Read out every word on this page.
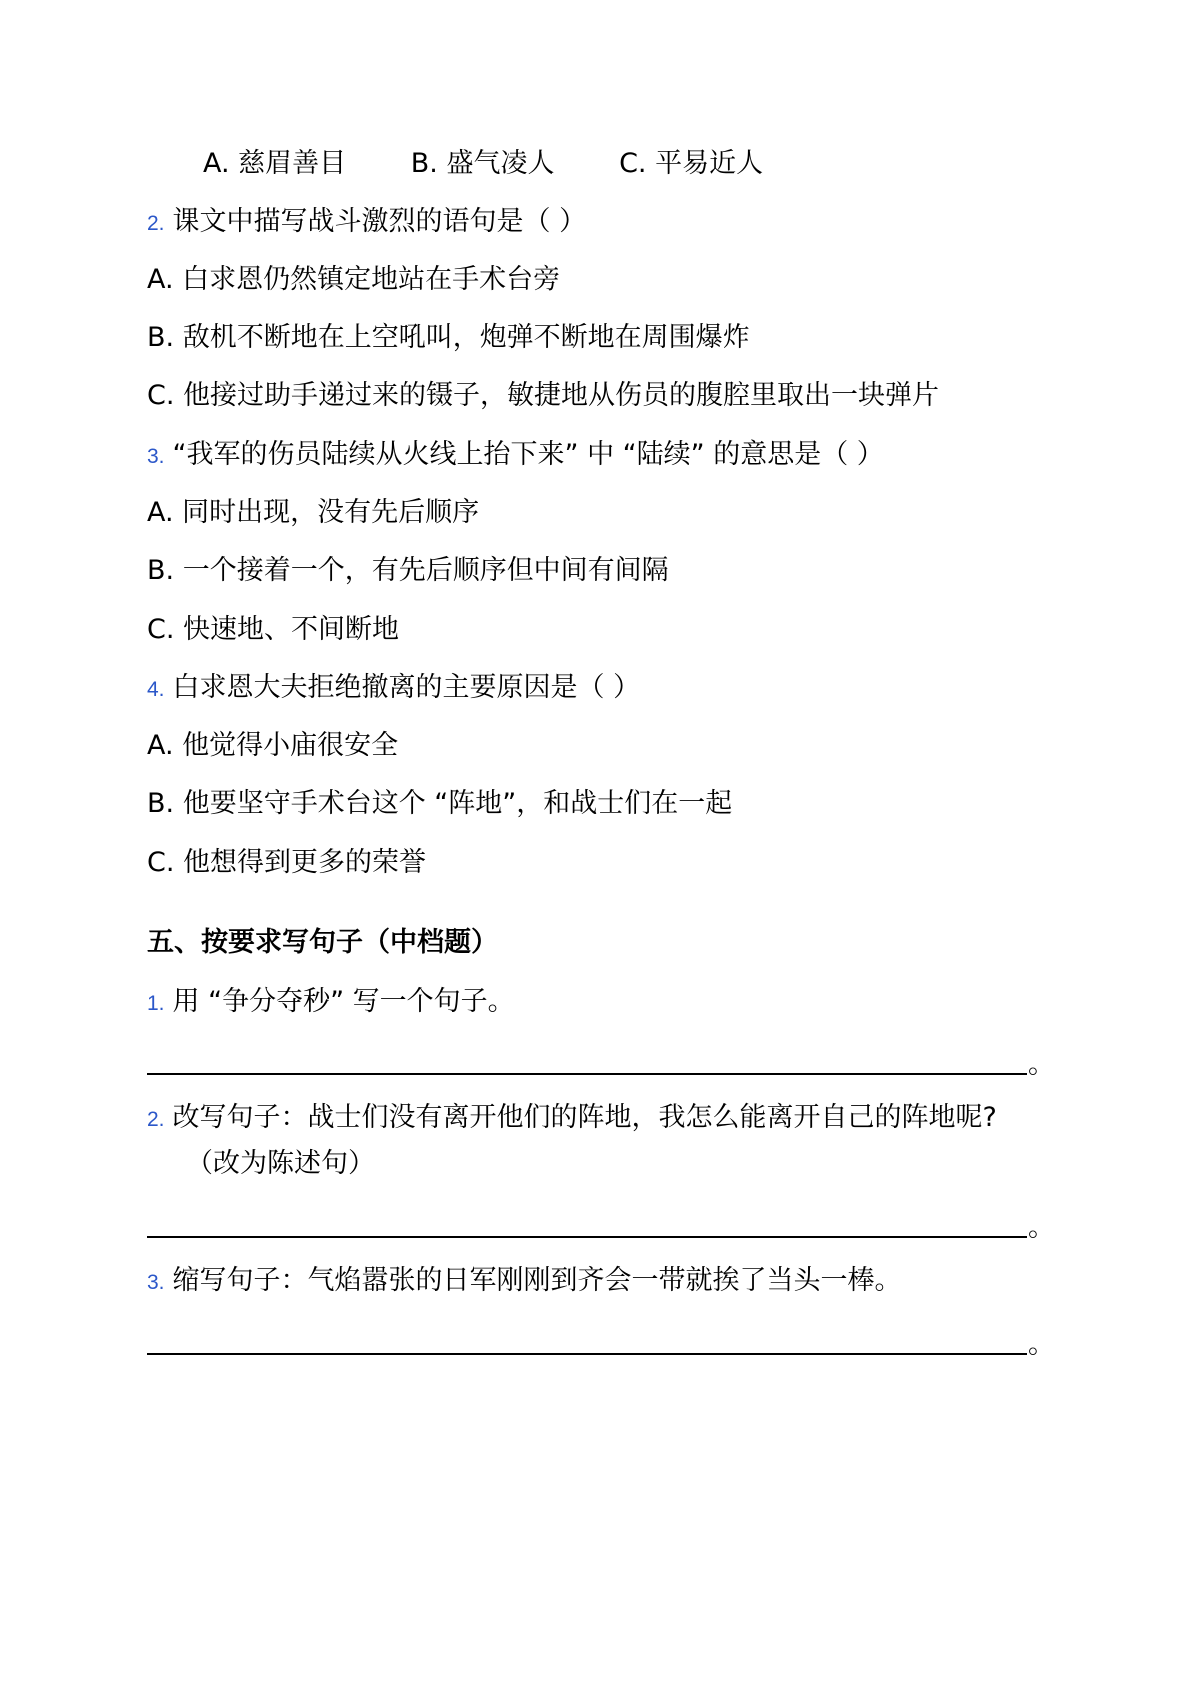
A. 慈眉善目 B. 盛气凌人 C. 平易近人
2. 课文中描写战斗激烈的语句是（ ）
A. 白求恩仍然镇定地站在手术台旁
B. 敌机不断地在上空吼叫，炮弹不断地在周围爆炸
C. 他接过助手递过来的镊子，敏捷地从伤员的腹腔里取出一块弹片
3. “我军的伤员陆续从火线上抬下来” 中 “陆续” 的意思是（ ）
A. 同时出现，没有先后顺序
B. 一个接着一个，有先后顺序但中间有间隔
C. 快速地、不间断地
4. 白求恩大夫拒绝撤离的主要原因是（ ）
A. 他觉得小庙很安全
B. 他要坚守手术台这个 “阵地”，和战士们在一起
C. 他想得到更多的荣誉
五、按要求写句子（中档题）
1. 用 “争分夺秒” 写一个句子。
。
2. 改写句子：战士们没有离开他们的阵地，我怎么能离开自己的阵地呢?
（改为陈述句）
。
3. 缩写句子：气焰嚣张的日军刚刚到齐会一带就挨了当头一棒。
。
